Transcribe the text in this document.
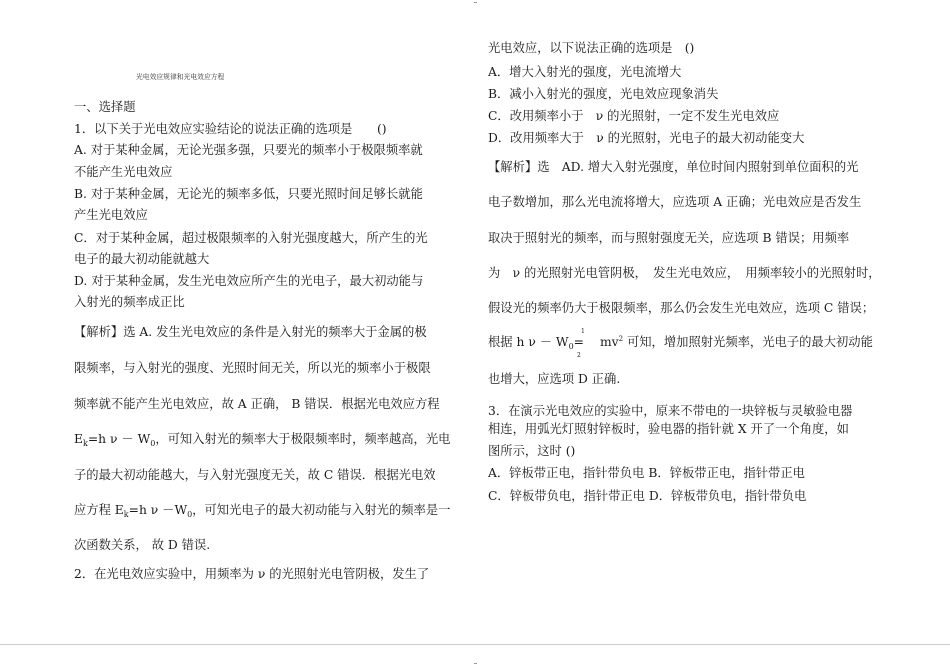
光电效应规律和光电效应方程
一、选择题
1．以下关于光电效应实验结论的说法正确的选项是　　()
A. 对于某种金属，无论光强多强，只要光的频率小于极限频率就
不能产生光电效应
B. 对于某种金属，无论光的频率多低，只要光照时间足够长就能
产生光电效应
C．对于某种金属，超过极限频率的入射光强度越大，所产生的光
电子的最大初动能就越大
D. 对于某种金属，发生光电效应所产生的光电子，最大初动能与
入射光的频率成正比
【解析】选 A. 发生光电效应的条件是入射光的频率大于金属的极
限频率，与入射光的强度、光照时间无关，所以光的频率小于极限
频率就不能产生光电效应，故 A 正确， B 错误．根据光电效应方程
$E_k=h$ $\nu - W_0$，可知入射光的频率大于极限频率时，频率越高，光电
子的最大初动能越大，与入射光强度无关，故 C 错误．根据光电效
应方程 $E_k=h$ $\nu -W_0$，可知光电子的最大初动能与入射光的频率是一
次函数关系， 故 D 错误.
2．在光电效应实验中，用频率为 ν 的光照射光电管阴极，发生了
光电效应，以下说法正确的选项是　()
A．增大入射光的强度，光电流增大
B．减小入射光的强度，光电效应现象消失
C．改用频率小于　ν 的光照射，一定不发生光电效应
D．改用频率大于　ν 的光照射，光电子的最大初动能变大
【解析】选　AD. 增大入射光强度，单位时间内照射到单位面积的光
电子数增加，那么光电流将增大，应选项 A 正确；光电效应是否发生
取决于照射光的频率，而与照射强度无关，应选项 B 错误；用频率
为　ν 的光照射光电管阴极，　发生光电效应，　用频率较小的光照射时，
假设光的频率仍大于极限频率，那么仍会发生光电效应，选项 C 错误；
根据 h $\nu - W_0= mv^2$ 可知，增加照射光频率，光电子的最大初动能
1
2
也增大，应选项 D 正确.
3．在演示光电效应的实验中，原来不带电的一块锌板与灵敏验电器
相连，用弧光灯照射锌板时，验电器的指针就 X 开了一个角度，如
图所示，这时 ()
A．锌板带正电，指针带负电 B．锌板带正电，指针带正电
C．锌板带负电，指针带正电 D．锌板带负电，指针带负电
